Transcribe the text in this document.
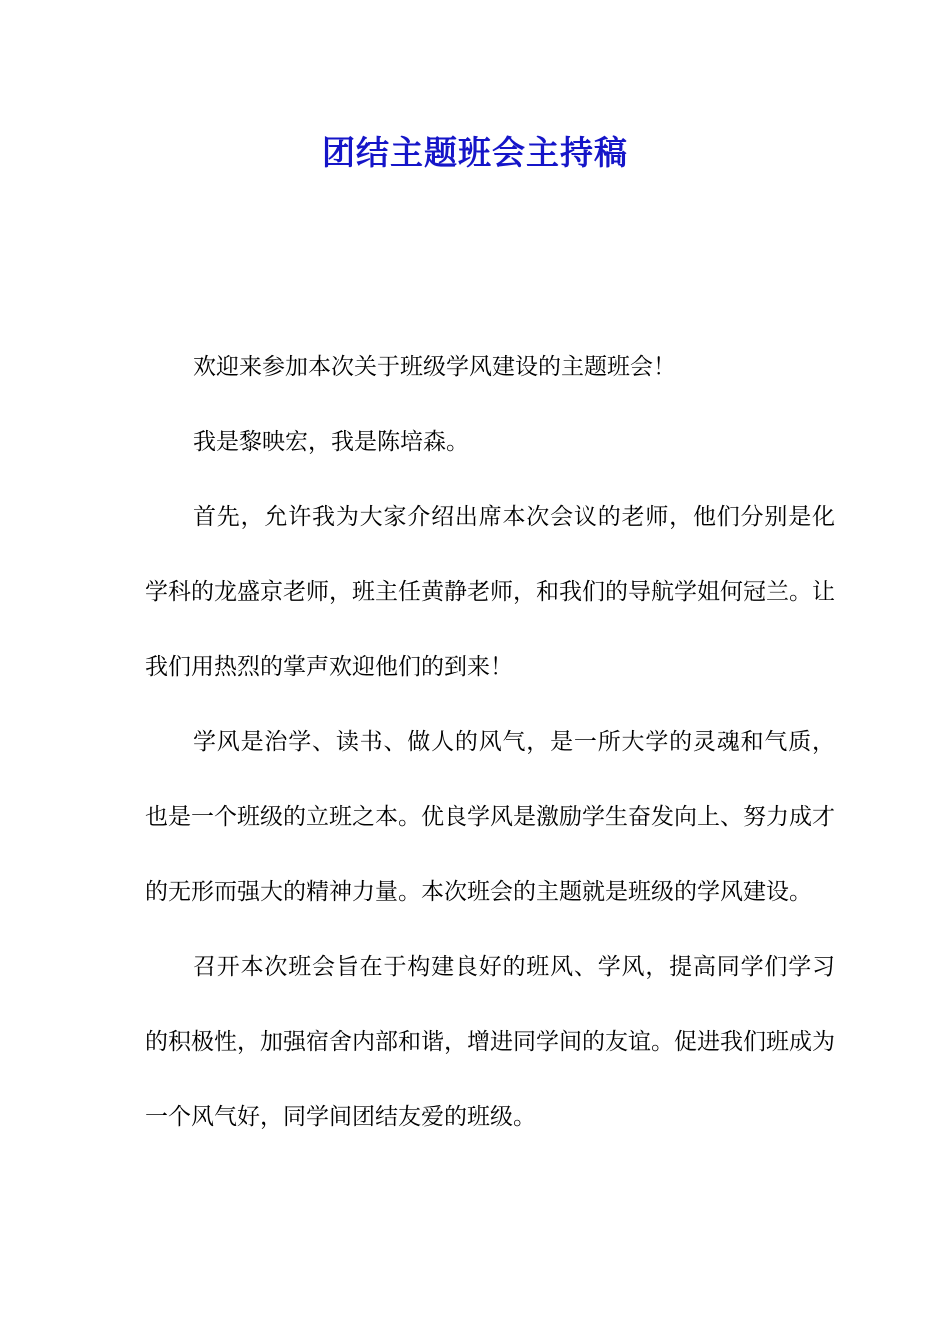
团结主题班会主持稿

欢迎来参加本次关于班级学风建设的主题班会！

我是黎映宏，我是陈培森。

首先，允许我为大家介绍出席本次会议的老师，他们分别是化学科的龙盛京老师，班主任黄静老师，和我们的导航学姐何冠兰。让我们用热烈的掌声欢迎他们的到来！

学风是治学、读书、做人的风气，是一所大学的灵魂和气质，也是一个班级的立班之本。优良学风是激励学生奋发向上、努力成才的无形而强大的精神力量。本次班会的主题就是班级的学风建设。

召开本次班会旨在于构建良好的班风、学风，提高同学们学习的积极性，加强宿舍内部和谐，增进同学间的友谊。促进我们班成为一个风气好，同学间团结友爱的班级。
